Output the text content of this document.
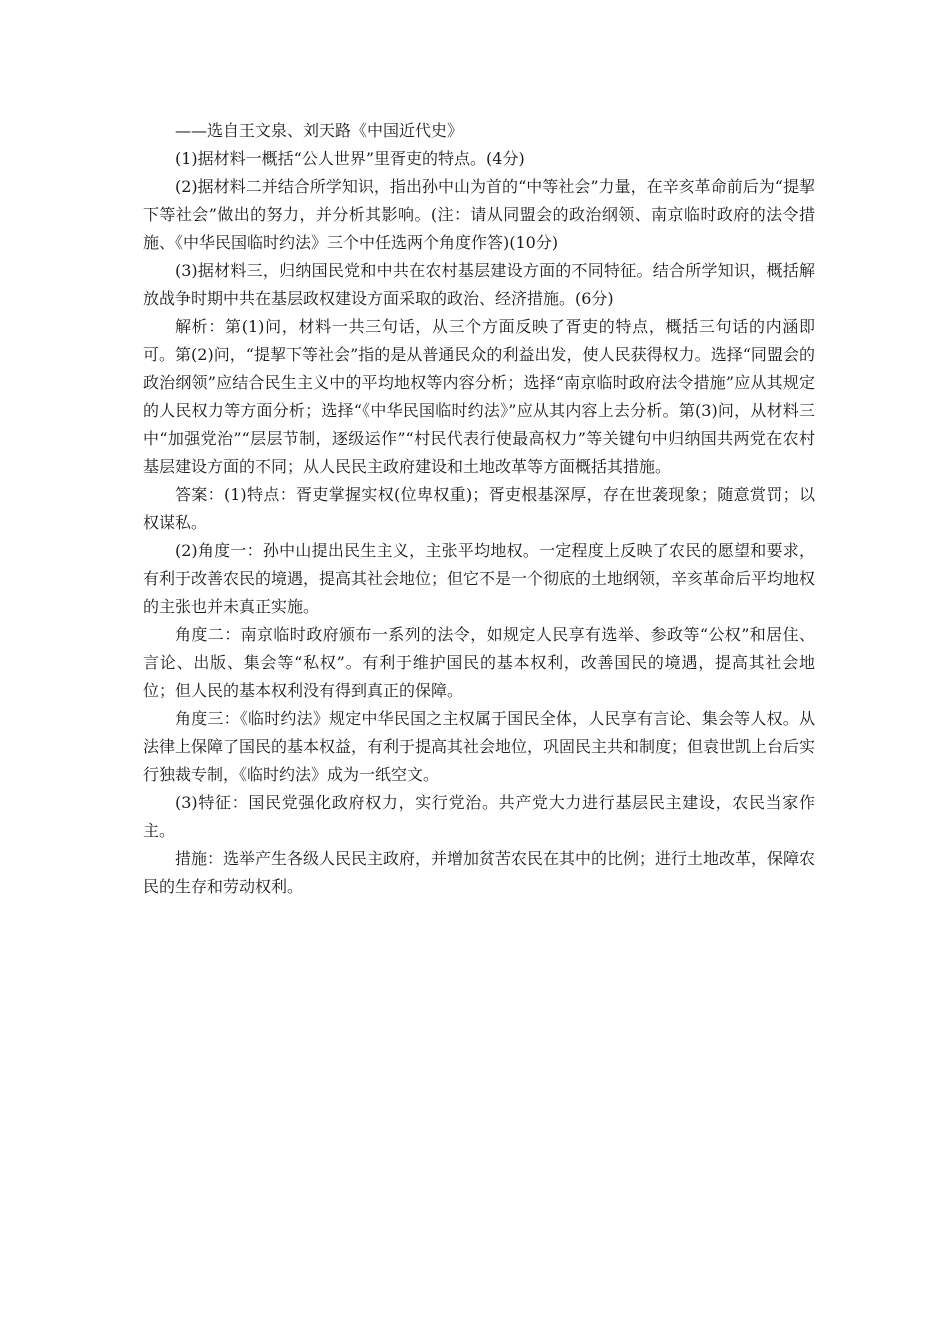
——选自王文泉、刘天路《中国近代史》

(1)据材料一概括“公人世界”里胥吏的特点。(4分)

(2)据材料二并结合所学知识，指出孙中山为首的“中等社会”力量，在辛亥革命前后为“提挈下等社会”做出的努力，并分析其影响。(注：请从同盟会的政治纲领、南京临时政府的法令措施、《中华民国临时约法》三个中任选两个角度作答)(10分)

(3)据材料三，归纳国民党和中共在农村基层建设方面的不同特征。结合所学知识，概括解放战争时期中共在基层政权建设方面采取的政治、经济措施。(6分)

解析：第(1)问，材料一共三句话，从三个方面反映了胥吏的特点，概括三句话的内涵即可。第(2)问，“提挈下等社会”指的是从普通民众的利益出发，使人民获得权力。选择“同盟会的政治纲领”应结合民生主义中的平均地权等内容分析；选择“南京临时政府法令措施”应从其规定的人民权力等方面分析；选择“《中华民国临时约法》”应从其内容上去分析。第(3)问，从材料三中“加强党治”“层层节制，逐级运作”“村民代表行使最高权力”等关键句中归纳国共两党在农村基层建设方面的不同；从人民民主政府建设和土地改革等方面概括其措施。

答案：(1)特点：胥吏掌握实权(位卑权重)；胥吏根基深厚，存在世袭现象；随意赏罚；以权谋私。

(2)角度一：孙中山提出民生主义，主张平均地权。一定程度上反映了农民的愿望和要求，有利于改善农民的境遇，提高其社会地位；但它不是一个彻底的土地纲领，辛亥革命后平均地权的主张也并未真正实施。

角度二：南京临时政府颁布一系列的法令，如规定人民享有选举、参政等“公权”和居住、言论、出版、集会等“私权”。有利于维护国民的基本权利，改善国民的境遇，提高其社会地位；但人民的基本权利没有得到真正的保障。

角度三：《临时约法》规定中华民国之主权属于国民全体，人民享有言论、集会等人权。从法律上保障了国民的基本权益，有利于提高其社会地位，巩固民主共和制度；但袁世凯上台后实行独裁专制，《临时约法》成为一纸空文。

(3)特征：国民党强化政府权力，实行党治。共产党大力进行基层民主建设，农民当家作主。

措施：选举产生各级人民民主政府，并增加贫苦农民在其中的比例；进行土地改革，保障农民的生存和劳动权利。
